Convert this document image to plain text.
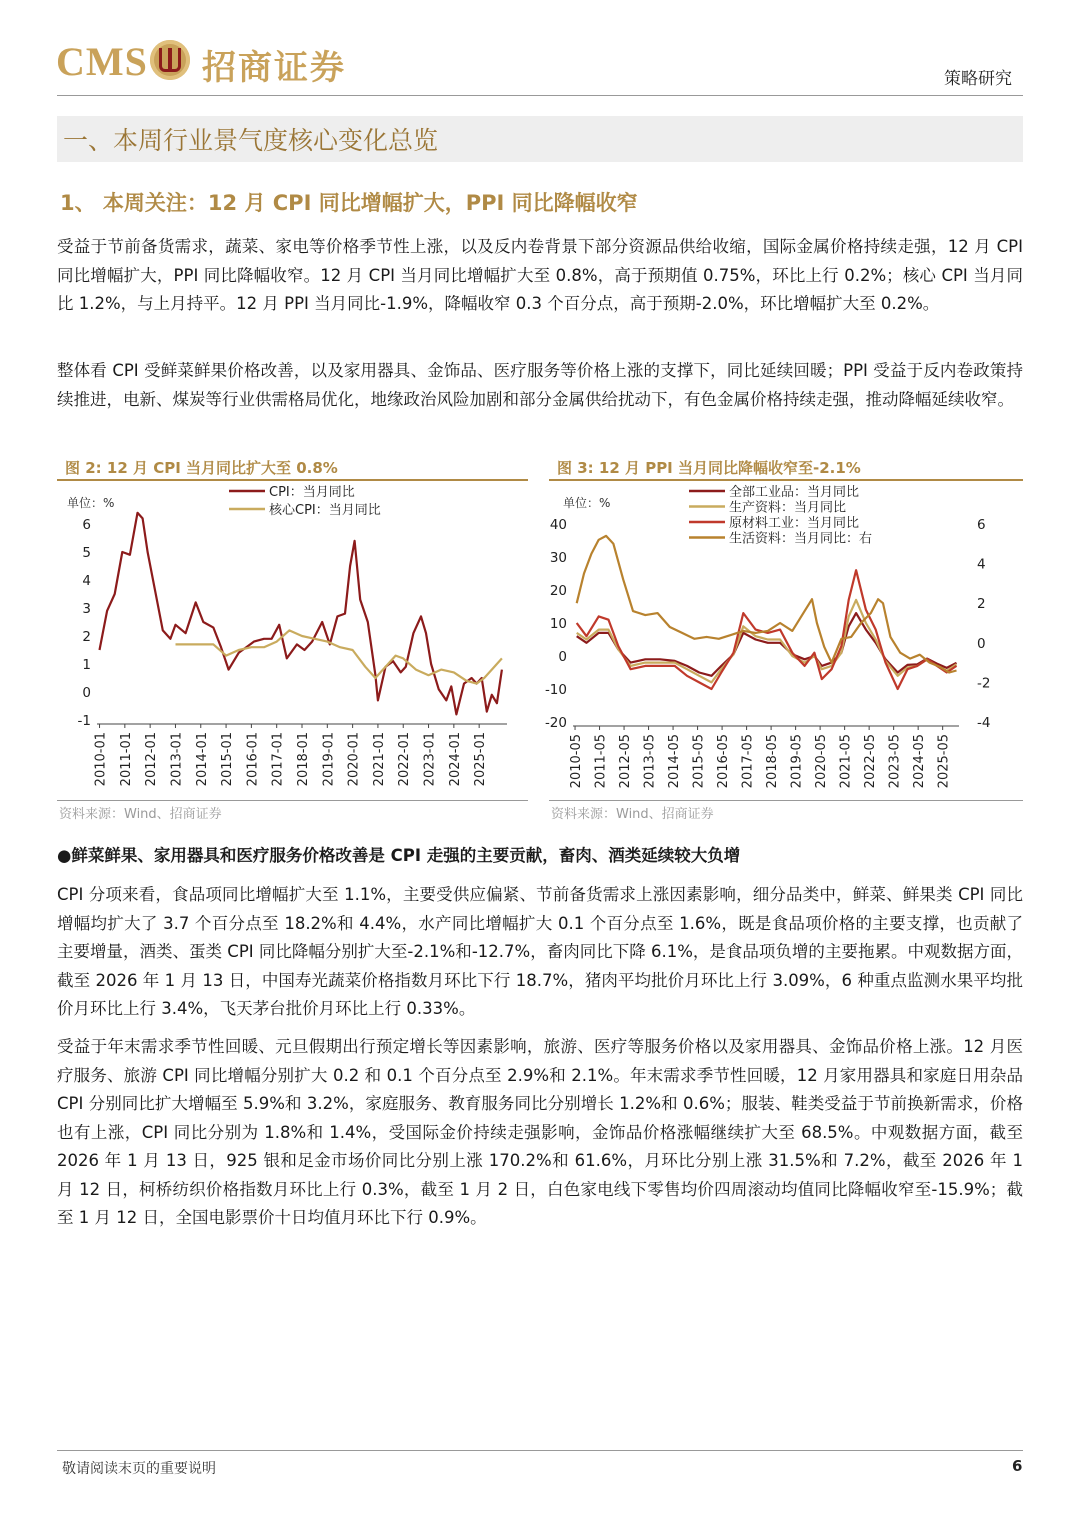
CMS 招商证券	策略研究
一、本周行业景气度核心变化总览
1、 本周关注：12 月 CPI 同比增幅扩大，PPI 同比降幅收窄
受益于节前备货需求，蔬菜、家电等价格季节性上涨，以及反内卷背景下部分资源品供给收缩，国际金属价格持续走强，12 月 CPI 同比增幅扩大，PPI 同比降幅收窄。12 月 CPI 当月同比增幅扩大至 0.8%，高于预期值 0.75%，环比上行 0.2%；核心 CPI 当月同比 1.2%，与上月持平。12 月 PPI 当月同比-1.9%，降幅收窄 0.3 个百分点，高于预期-2.0%，环比增幅扩大至 0.2%。
整体看 CPI 受鲜菜鲜果价格改善，以及家用器具、金饰品、医疗服务等价格上涨的支撑下，同比延续回暖；PPI 受益于反内卷政策持续推进，电新、煤炭等行业供需格局优化，地缘政治风险加剧和部分金属供给扰动下，有色金属价格持续走强，推动降幅延续收窄。
图 2: 12 月 CPI 当月同比扩大至 0.8%
单位：%
6
5
4
3
2
1
0
-1
2010-01 2011-01 2012-01 2013-01 2014-01 2015-01 2016-01 2017-01 2018-01 2019-01 2020-01 2021-01 2022-01 2023-01 2024-01 2025-01
CPI：当月同比
核心CPI：当月同比
资料来源：Wind、招商证券
图 3: 12 月 PPI 当月同比降幅收窄至-2.1%
单位：%
40
30
20
10
0
-10
-20
6
4
2
0
-2
-4
2010-05 2011-05 2012-05 2013-05 2014-05 2015-05 2016-05 2017-05 2018-05 2019-05 2020-05 2021-05 2022-05 2023-05 2024-05 2025-05
全部工业品：当月同比
生产资料：当月同比
原材料工业：当月同比
生活资料：当月同比：右
资料来源：Wind、招商证券
●鲜菜鲜果、家用器具和医疗服务价格改善是 CPI 走强的主要贡献，畜肉、酒类延续较大负增
CPI 分项来看，食品项同比增幅扩大至 1.1%，主要受供应偏紧、节前备货需求上涨因素影响，细分品类中，鲜菜、鲜果类 CPI 同比增幅均扩大了 3.7 个百分点至 18.2%和 4.4%，水产同比增幅扩大 0.1 个百分点至 1.6%，既是食品项价格的主要支撑，也贡献了主要增量，酒类、蛋类 CPI 同比降幅分别扩大至-2.1%和-12.7%，畜肉同比下降 6.1%，是食品项负增的主要拖累。中观数据方面，截至 2026 年 1 月 13 日，中国寿光蔬菜价格指数月环比下行 18.7%，猪肉平均批价月环比上行 3.09%，6 种重点监测水果平均批价月环比上行 3.4%，飞天茅台批价月环比上行 0.33%。
受益于年末需求季节性回暖、元旦假期出行预定增长等因素影响，旅游、医疗等服务价格以及家用器具、金饰品价格上涨。12 月医疗服务、旅游 CPI 同比增幅分别扩大 0.2 和 0.1 个百分点至 2.9%和 2.1%。年末需求季节性回暖，12 月家用器具和家庭日用杂品 CPI 分别同比扩大增幅至 5.9%和 3.2%，家庭服务、教育服务同比分别增长 1.2%和 0.6%；服装、鞋类受益于节前换新需求，价格也有上涨，CPI 同比分别为 1.8%和 1.4%，受国际金价持续走强影响，金饰品价格涨幅继续扩大至 68.5%。中观数据方面，截至 2026 年 1 月 13 日，925 银和足金市场价同比分别上涨 170.2%和 61.6%，月环比分别上涨 31.5%和 7.2%，截至 2026 年 1 月 12 日，柯桥纺织价格指数月环比上行 0.3%，截至 1 月 2 日，白色家电线下零售均价四周滚动均值同比降幅收窄至-15.9%；截至 1 月 12 日，全国电影票价十日均值月环比下行 0.9%。
敬请阅读末页的重要说明	6
